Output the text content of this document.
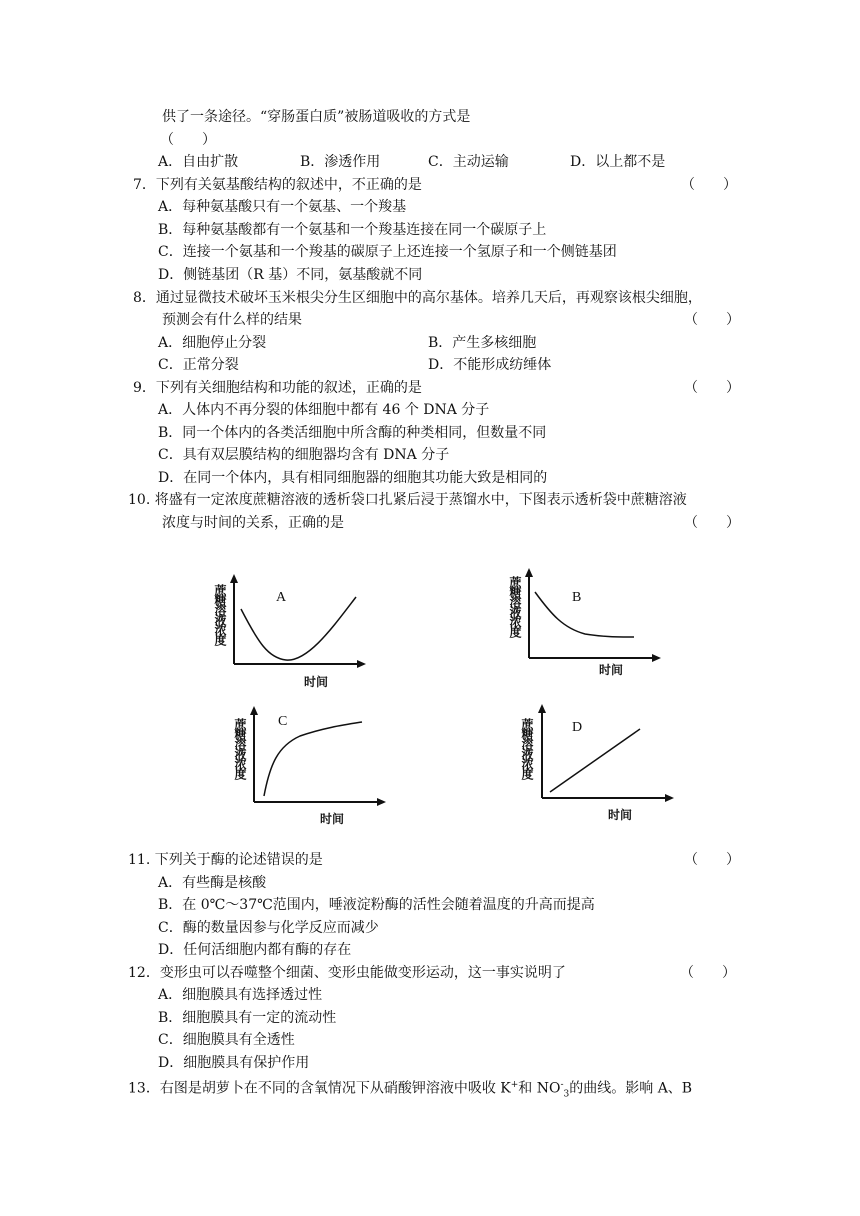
供了一条途径。“穿肠蛋白质”被肠道吸收的方式是
（　　）
A．自由扩散	B．渗透作用	C．主动运输	D．以上都不是
7．下列有关氨基酸结构的叙述中，不正确的是	（　　）
A．每种氨基酸只有一个氨基、一个羧基
B．每种氨基酸都有一个氨基和一个羧基连接在同一个碳原子上
C．连接一个氨基和一个羧基的碳原子上还连接一个氢原子和一个侧链基团
D．侧链基团（R 基）不同，氨基酸就不同
8．通过显微技术破坏玉米根尖分生区细胞中的高尔基体。培养几天后，再观察该根尖细胞，
预测会有什么样的结果	（　　）
A．细胞停止分裂	B．产生多核细胞
C．正常分裂	D．不能形成纺缍体
9．下列有关细胞结构和功能的叙述，正确的是	（　　）
A．人体内不再分裂的体细胞中都有 46 个 DNA 分子
B．同一个体内的各类活细胞中所含酶的种类相同，但数量不同
C．具有双层膜结构的细胞器均含有 DNA 分子
D．在同一个体内，具有相同细胞器的细胞其功能大致是相同的
10. 将盛有一定浓度蔗糖溶液的透析袋口扎紧后浸于蒸馏水中，下图表示透析袋中蔗糖溶液
浓度与时间的关系，正确的是	（　　）
蔗糖溶液浓度	A
时间
蔗糖溶液浓度	B
时间
蔗糖溶液浓度 C
时间
蔗糖溶液浓度	D
时间
11. 下列关于酶的论述错误的是	（　　）
A．有些酶是核酸
B．在 0℃～37℃范围内，唾液淀粉酶的活性会随着温度的升高而提高
C．酶的数量因参与化学反应而减少
D．任何活细胞内都有酶的存在
12．变形虫可以吞噬整个细菌、变形虫能做变形运动，这一事实说明了	（　　）
A．细胞膜具有选择透过性
B．细胞膜具有一定的流动性
C．细胞膜具有全透性
D．细胞膜具有保护作用
13．右图是胡萝卜在不同的含氧情况下从硝酸钾溶液中吸收 K+和 $NO^-_3$的曲线。影响 A、B
